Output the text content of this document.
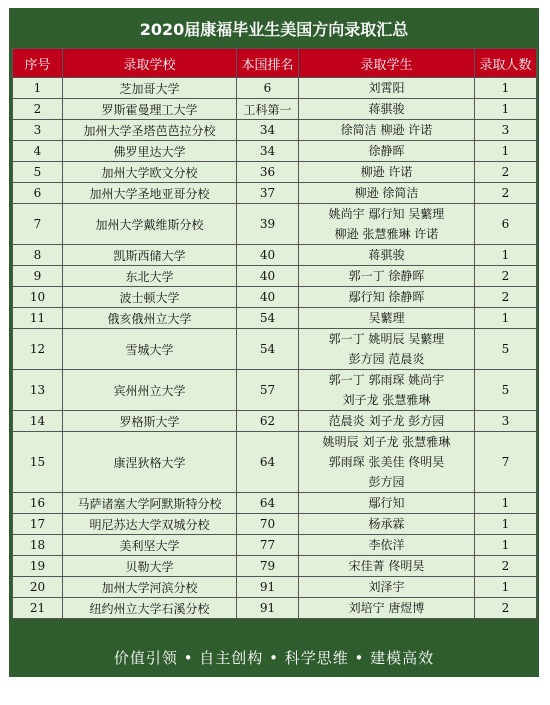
2020届康福毕业生美国方向录取汇总
序号	录取学校	本国排名	录取学生	录取人数
1	芝加哥大学	6	刘霄阳	1
2	罗斯霍曼理工大学	工科第一	蒋骐骏	1
3	加州大学圣塔芭芭拉分校	34	徐简洁 柳逊 许诺	3
4	佛罗里达大学	34	徐静晖	1
5	加州大学欧文分校	36	柳逊 许诺	2
6	加州大学圣地亚哥分校	37	柳逊 徐简洁	2
7	加州大学戴维斯分校	39	姚尚宇 鄢行知 吴蘩理
柳逊 张慧雅琳 许诺	6
8	凯斯西储大学	40	蒋骐骏	1
9	东北大学	40	郭一丁 徐静晖	2
10	波士顿大学	40	鄢行知 徐静晖	2
11	俄亥俄州立大学	54	吴蘩理	1
12	雪城大学	54	郭一丁 姚明辰 吴蘩理
彭方园 范晨炎	5
13	宾州州立大学	57	郭一丁 郭雨琛 姚尚宇
刘子龙 张慧雅琳	5
14	罗格斯大学	62	范晨炎 刘子龙 彭方园	3
15	康涅狄格大学	64	姚明辰 刘子龙 张慧雅琳
郭雨琛 张美佳 佟明昊
彭方园	7
16	马萨诸塞大学阿默斯特分校	64	鄢行知	1
17	明尼苏达大学双城分校	70	杨承霖	1
18	美利坚大学	77	李依洋	1
19	贝勒大学	79	宋佳菁 佟明昊	2
20	加州大学河滨分校	91	刘泽宇	1
21	纽约州立大学石溪分校	91	刘培宁 唐煜博	2
价值引领 • 自主创构 • 科学思维 • 建模高效
